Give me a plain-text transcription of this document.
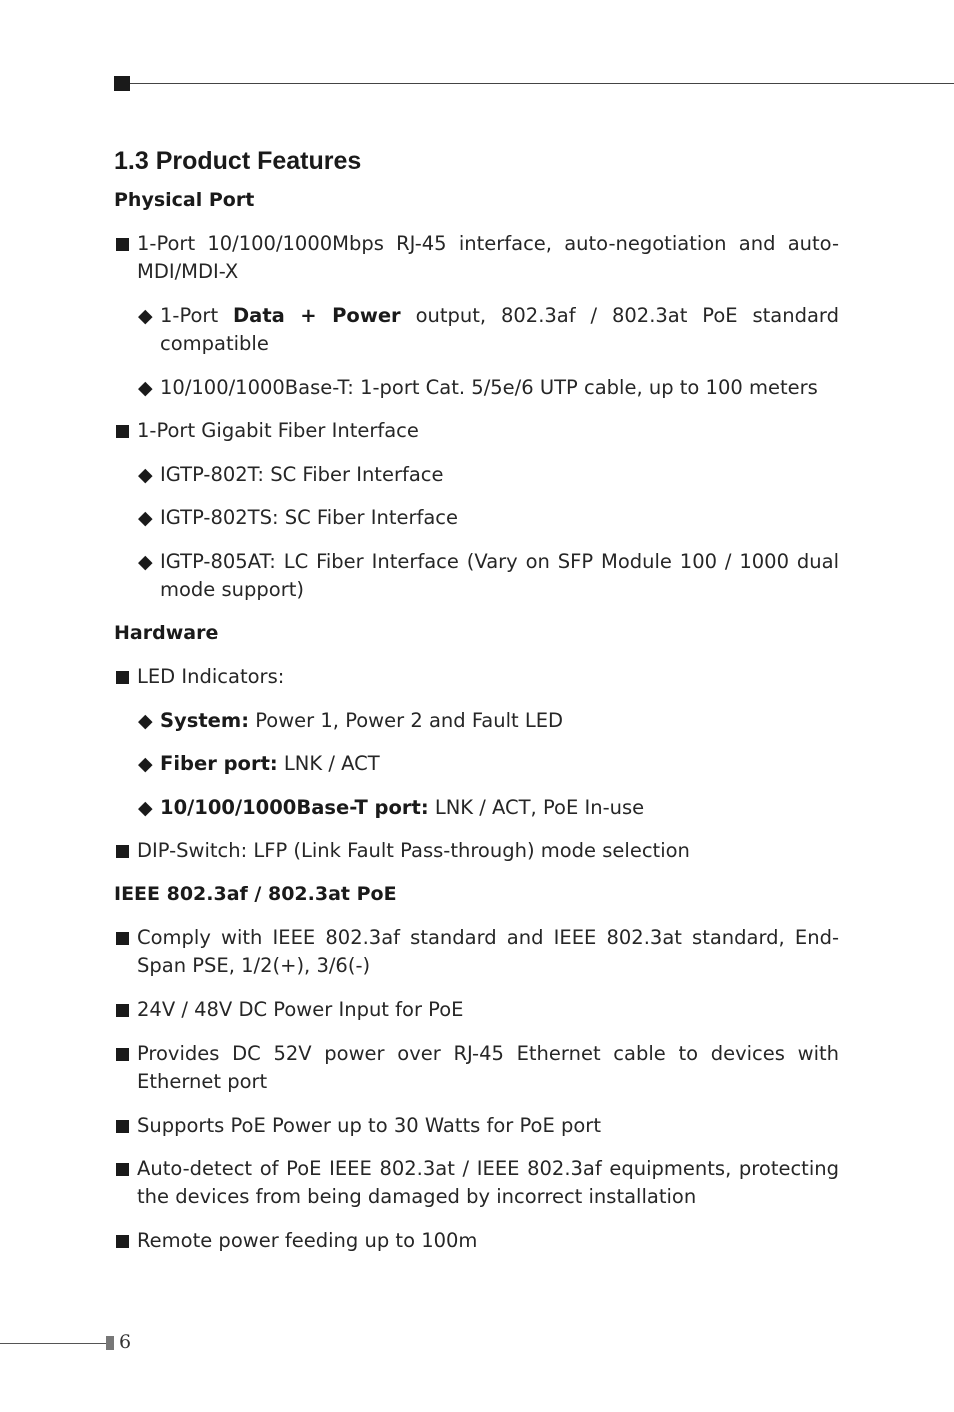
1.3 Product Features
Physical Port
1-Port 10/100/1000Mbps RJ-45 interface, auto-negotiation and auto-MDI/MDI-X
◆ 1-Port Data + Power output, 802.3af / 802.3at PoE standard compatible
◆ 10/100/1000Base-T: 1-port Cat. 5/5e/6 UTP cable, up to 100 meters
1-Port Gigabit Fiber Interface
◆ IGTP-802T: SC Fiber Interface
◆ IGTP-802TS: SC Fiber Interface
◆ IGTP-805AT: LC Fiber Interface (Vary on SFP Module 100 / 1000 dual mode support)
Hardware
LED Indicators:
◆ System: Power 1, Power 2 and Fault LED
◆ Fiber port: LNK / ACT
◆ 10/100/1000Base-T port: LNK / ACT, PoE In-use
DIP-Switch: LFP (Link Fault Pass-through) mode selection
IEEE 802.3af / 802.3at PoE
Comply with IEEE 802.3af standard and IEEE 802.3at standard, End-Span PSE, 1/2(+), 3/6(-)
24V / 48V DC Power Input for PoE
Provides DC 52V power over RJ-45 Ethernet cable to devices with Ethernet port
Supports PoE Power up to 30 Watts for PoE port
Auto-detect of PoE IEEE 802.3at / IEEE 802.3af equipments, protecting the devices from being damaged by incorrect installation
Remote power feeding up to 100m
6
